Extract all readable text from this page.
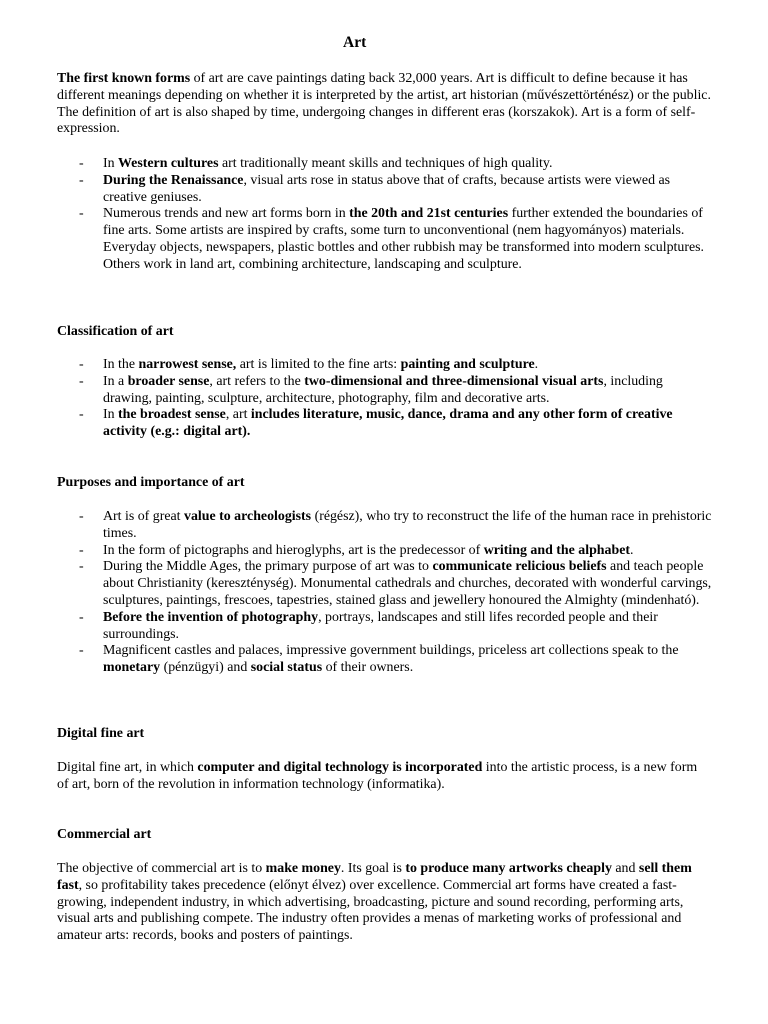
Art

The first known forms of art are cave paintings dating back 32,000 years. Art is difficult to define because it has different meanings depending on whether it is interpreted by the artist, art historian (művészettörténész) or the public. The definition of art is also shaped by time, undergoing changes in different eras (korszakok). Art is a form of self-expression.

- In Western cultures art traditionally meant skills and techniques of high quality.
- During the Renaissance, visual arts rose in status above that of crafts, because artists were viewed as creative geniuses.
- Numerous trends and new art forms born in the 20th and 21st centuries further extended the boundaries of fine arts. Some artists are inspired by crafts, some turn to unconventional (nem hagyományos) materials. Everyday objects, newspapers, plastic bottles and other rubbish may be transformed into modern sculptures. Others work in land art, combining architecture, landscaping and sculpture.
Classification of art
- In the narrowest sense, art is limited to the fine arts: painting and sculpture.
- In a broader sense, art refers to the two-dimensional and three-dimensional visual arts, including drawing, painting, sculpture, architecture, photography, film and decorative arts.
- In the broadest sense, art includes literature, music, dance, drama and any other form of creative activity (e.g.: digital art).
Purposes and importance of art
- Art is of great value to archeologists (régész), who try to reconstruct the life of the human race in prehistoric times.
- In the form of pictographs and hieroglyphs, art is the predecessor of writing and the alphabet.
- During the Middle Ages, the primary purpose of art was to communicate relicious beliefs and teach people about Christianity (kereszténység). Monumental cathedrals and churches, decorated with wonderful carvings, sculptures, paintings, frescoes, tapestries, stained glass and jewellery honoured the Almighty (mindenható).
- Before the invention of photography, portrays, landscapes and still lifes recorded people and their surroundings.
- Magnificent castles and palaces, impressive government buildings, priceless art collections speak to the monetary (pénzügyi) and social status of their owners.
Digital fine art

Digital fine art, in which computer and digital technology is incorporated into the artistic process, is a new form of art, born of the revolution in information technology (informatika).

Commercial art

The objective of commercial art is to make money. Its goal is to produce many artworks cheaply and sell them fast, so profitability takes precedence (előnyt élvez) over excellence. Commercial art forms have created a fast-growing, independent industry, in which advertising, broadcasting, picture and sound recording, performing arts, visual arts and publishing compete. The industry often provides a menas of marketing works of professional and amateur arts: records, books and posters of paintings.
